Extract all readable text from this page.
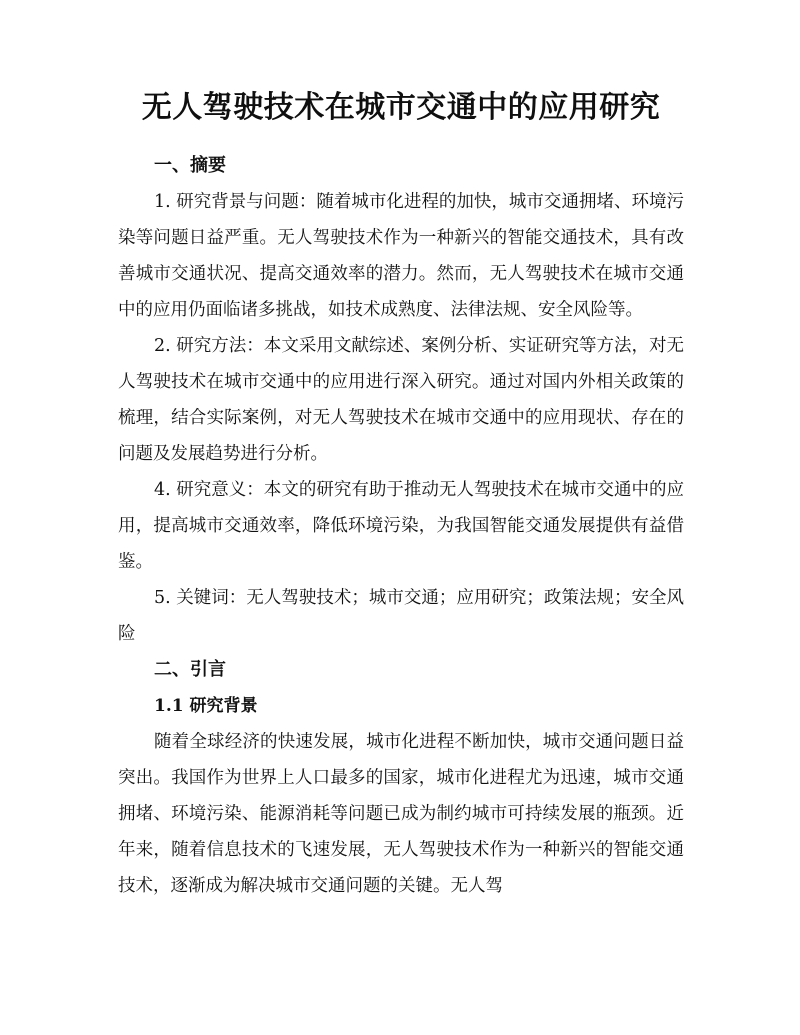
无人驾驶技术在城市交通中的应用研究
一、摘要

1. 研究背景与问题：随着城市化进程的加快，城市交通拥堵、环境污染等问题日益严重。无人驾驶技术作为一种新兴的智能交通技术，具有改善城市交通状况、提高交通效率的潜力。然而，无人驾驶技术在城市交通中的应用仍面临诸多挑战，如技术成熟度、法律法规、安全风险等。

2. 研究方法：本文采用文献综述、案例分析、实证研究等方法，对无人驾驶技术在城市交通中的应用进行深入研究。通过对国内外相关政策的梳理，结合实际案例，对无人驾驶技术在城市交通中的应用现状、存在的问题及发展趋势进行分析。

4. 研究意义：本文的研究有助于推动无人驾驶技术在城市交通中的应用，提高城市交通效率，降低环境污染，为我国智能交通发展提供有益借鉴。

5. 关键词：无人驾驶技术；城市交通；应用研究；政策法规；安全风险

二、引言
1.1 研究背景

随着全球经济的快速发展，城市化进程不断加快，城市交通问题日益突出。我国作为世界上人口最多的国家，城市化进程尤为迅速，城市交通拥堵、环境污染、能源消耗等问题已成为制约城市可持续发展的瓶颈。近年来，随着信息技术的飞速发展，无人驾驶技术作为一种新兴的智能交通技术，逐渐成为解决城市交通问题的关键。无人驾
